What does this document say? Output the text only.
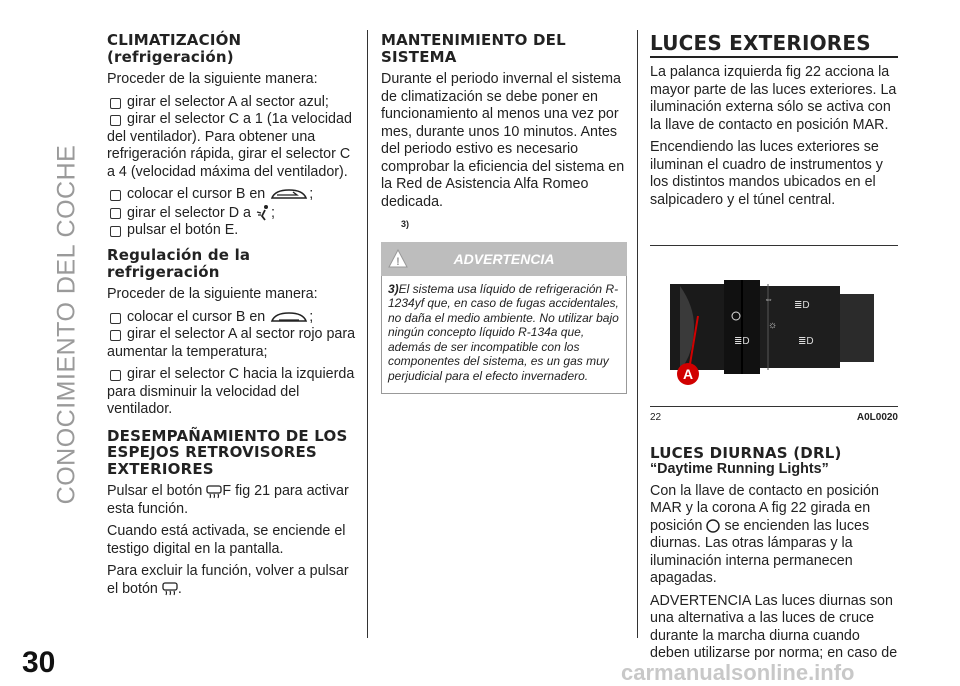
CONOCIMIENTO DEL COCHE
30	carmanualsonline.info
CLIMATIZACIÓN (refrigeración)

Proceder de la siguiente manera:

girar el selector A al sector azul;
girar el selector C a 1 (1a velocidad

del ventilador). Para obtener una refrigeración rápida, girar el selector C a 4 (velocidad máxima del ventilador).

colocar el cursor B en	;
girar el selector D a ;
pulsar el botón E.
Regulación de la refrigeración

Proceder de la siguiente manera:

colocar el cursor B en	;
girar el selector A al sector rojo para

aumentar la temperatura;

girar el selector C hacia la izquierda

para disminuir la velocidad del ventilador.

DESEMPAÑAMIENTO DE LOS ESPEJOS RETROVISORES EXTERIORES

Pulsar el botón F fig 21 para activar esta función.

Cuando está activada, se enciende el testigo digital en la pantalla.

Para excluir la función, volver a pulsar el botón .

MANTENIMIENTO DEL SISTEMA

Durante el periodo invernal el sistema de climatización se debe poner en funcionamiento al menos una vez por mes, durante unos 10 minutos. Antes del periodo estivo es necesario comprobar la eficiencia del sistema en la Red de Asistencia Alfa Romeo dedicada.

3)
!	ADVERTENCIA
3)El sistema usa líquido de refrigeración R-1234yf que, en caso de fugas accidentales, no daña el medio ambiente. No utilizar bajo ningún concepto líquido R-134a que, además de ser incompatible con los componentes del sistema, es un gas muy perjudicial para el efecto invernadero.
LUCES EXTERIORES

La palanca izquierda fig 22 acciona la mayor parte de las luces exteriores. La iluminación externa sólo se activa con la llave de contacto en posición MAR.

Encendiendo las luces exteriores se iluminan el cuadro de instrumentos y los distintos mandos ubicados en el salpicadero y el túnel central.

≣D
⇔
☼
≣D
≣D
A
22	A0L0020
LUCES DIURNAS (DRL)
“Daytime Running Lights”

Con la llave de contacto en posición MAR y la corona A fig 22 girada en posición se encienden las luces diurnas. Las otras lámparas y la iluminación interna permanecen apagadas.

ADVERTENCIA Las luces diurnas son una alternativa a las luces de cruce durante la marcha diurna cuando deben utilizarse por norma; en caso de
